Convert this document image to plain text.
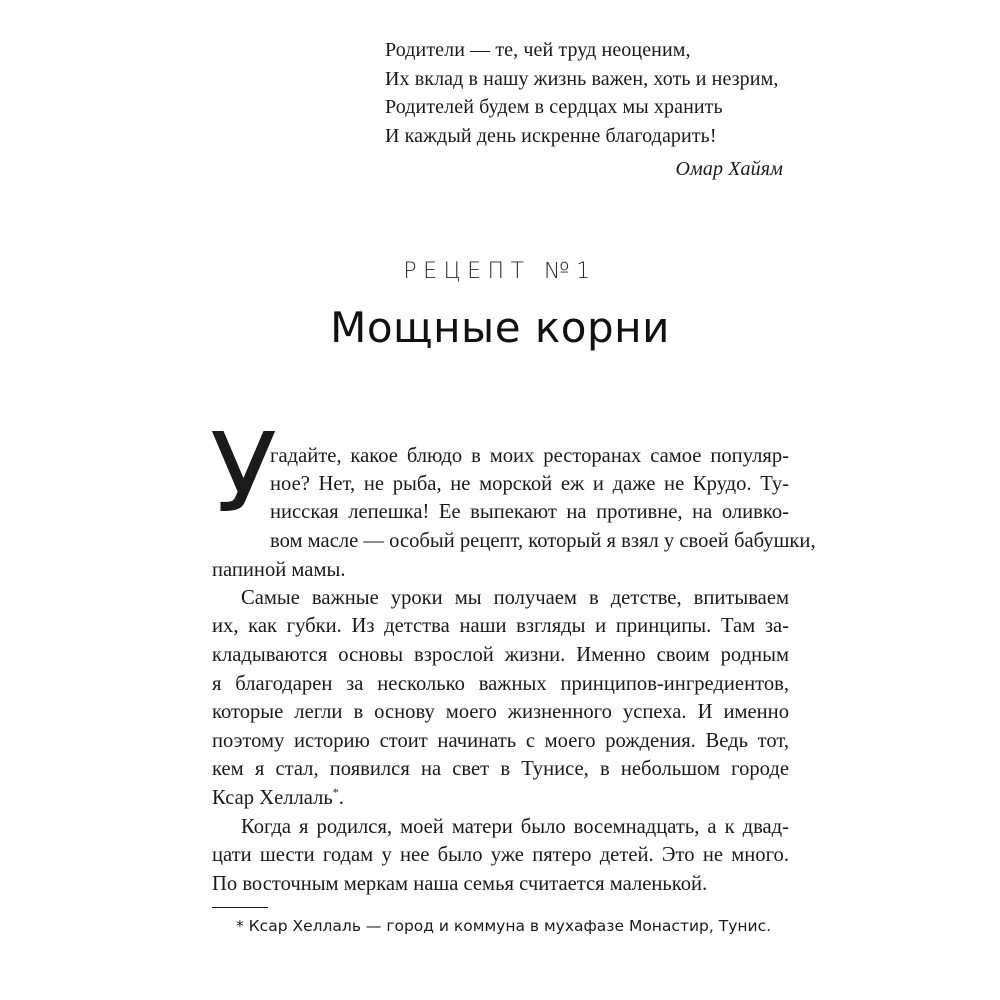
Родители — те, чей труд неоценим,
Их вклад в нашу жизнь важен, хоть и незрим,
Родителей будем в сердцах мы хранить
И каждый день искренне благодарить!
Омар Хайям
РЕЦЕПТ №1
Мощные корни
У
гадайте, какое блюдо в моих ресторанах самое популяр-
ное? Нет, не рыба, не морской еж и даже не Крудо. Ту-
нисская лепешка! Ее выпекают на противне, на оливко-
вом масле — особый рецепт, который я взял у своей бабушки,
папиной мамы.
Самые важные уроки мы получаем в детстве, впитываем
их, как губки. Из детства наши взгляды и принципы. Там за-
кладываются основы взрослой жизни. Именно своим родным
я благодарен за несколько важных принципов-ингредиентов,
которые легли в основу моего жизненного успеха. И именно
поэтому историю стоит начинать с моего рождения. Ведь тот,
кем я стал, появился на свет в Тунисе, в небольшом городе
Ксар Хеллаль*.
Когда я родился, моей матери было восемнадцать, а к двад-
цати шести годам у нее было уже пятеро детей. Это не много.
По восточным меркам наша семья считается маленькой.
* Ксар Хеллаль — город и коммуна в мухафазе Монастир, Тунис.
